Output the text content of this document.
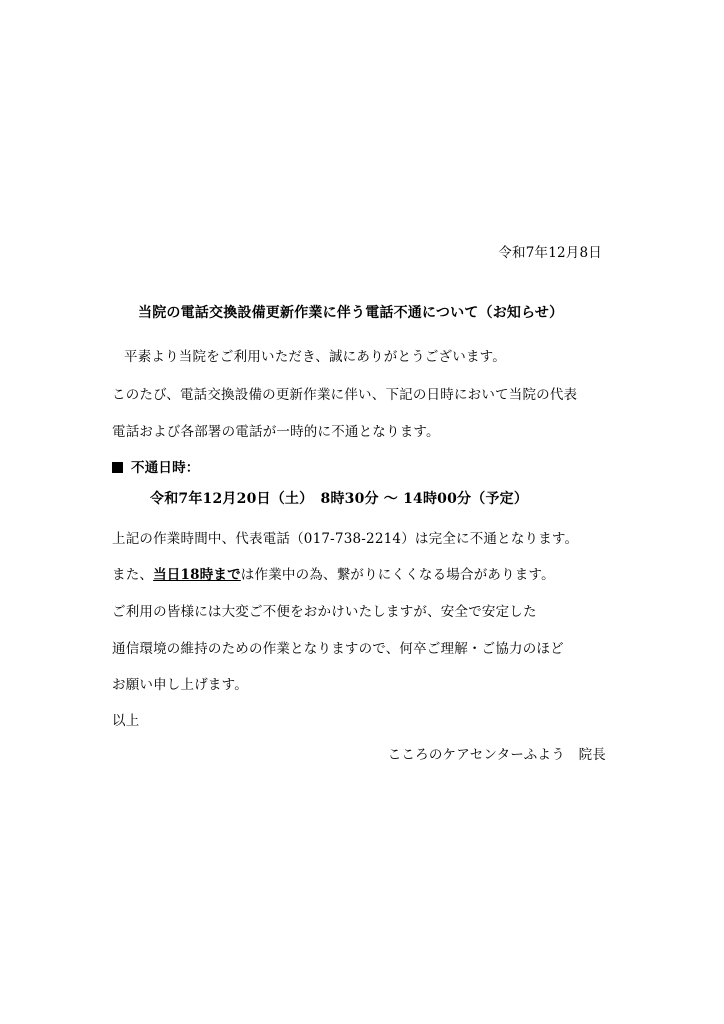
令和7年12月8日
当院の電話交換設備更新作業に伴う電話不通について（お知らせ）
平素より当院をご利用いただき、誠にありがとうございます。
このたび、電話交換設備の更新作業に伴い、下記の日時において当院の代表
電話および各部署の電話が一時的に不通となります。
不通日時：
令和7年12月20日（土）　8時30分 ～ 14時00分（予定）
上記の作業時間中、代表電話（017-738-2214）は完全に不通となります。
また、当日18時までは作業中の為、繋がりにくくなる場合があります。
ご利用の皆様には大変ご不便をおかけいたしますが、安全で安定した
通信環境の維持のための作業となりますので、何卒ご理解・ご協力のほど
お願い申し上げます。
以上
こころのケアセンターふよう　院長
